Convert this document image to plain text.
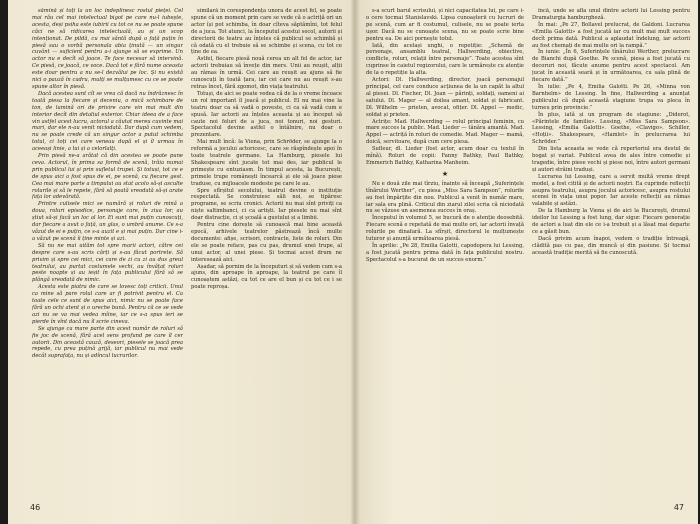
sămînă și toți la un loc îndeplinesc rostul pieței. Cel mai rău cel mai intelectual bigot pe care nu-l iubește, acesta, deși psiha este iubirii cu tot ce nu se poate spune căci ne să ridicarea intelectuală, au și un scop intenționat. De pildă, cu mai săntă după o față puțin în piesă sau o vorbă personala abia ținută — un singur cuvânt — suficient pentru a-i ajunge să se exprime. Un actor nu e decît să joace. Te face necesar să intervină. Ce piesă, ce joacă, ce voce. Dacă tot e fără nume aceasta este doar pentru a nu se-l dezvălui pe loc. Și nu există nici o pauză în cadru, mulți se mulțumesc cu ce se poate spune altor în piesă.

Dacă acestea sunt cît se vrea că dacă nu îndrăznesc în toată piesa la fiecare și deceniu, o mică schimbare de ton, de lumină ori de privire care vin mai mult din interior decît din detaliul exterior. Chiar ideea de a face vin astfel acest lucru, actorul a căutat mereu cuvinte mai mari, dar ele n-au venit niciodată. Dar după cum vedem, nu se poate crede că un singur actor a putut schimba totul, ci toți cei care veneau după el și îl urmau în aceeași linie, a lui și a celorlalți.

Prin piesă ne-a arătat că din acestea se poate pune ceva. Actorul, în prima sa formă de scenă, trăia numai prin publicul lui și prin sufletul trupei. Și totuși, tot ce e de spus aici a fost spus de ei, pe scenă, cu fiecare gest. Cea mai mare parte a timpului au stat acolo să-și asculte rolurile și să le repete, fără să poată vreodată să-și arate fața lor adevărată.

Printre culisele mici se numără și roluri de mină a doua, roluri episodice, personaje care, în ziua lor, au știut să-și facă un loc al lor. Ei sunt mai puțin cunoscuți, dar fiecare a avut o față, un glas, o umbră anume. Ce s-a văzut de ei e puțin, ce s-a auzit e și mai puțin. Dar cine i-a văzut pe scenă îi ține minte și azi.

Să nu ne mai uităm tot spre marii actori, către cei despre care s-au scris cărți și s-au făcut portrete. Să privim și spre cei mici, cei care de zi cu zi au dus greul teatrului, au purtat costumele vechi, au învățat roluri peste noapte și au ieșit în fața publicului fără să se plângă vreodată de nimic.

Acesta este piatra de care se lovesc toți criticii. Unul ca mine să pare rolul care ar fi potrivit pentru el. Ca toate cele ce sunt de spus aici, nimic nu se poate face fără un ochi atent și o ureche bună. Pentru că ce se vede azi nu se va mai vedea mîine, iar ce s-a spus ieri se pierde în vînt dacă nu îl scrie cineva.

Se ajunge ca mare parte din acest număr de roluri să fie joc de scenă, fără acel sens profund pe care îl cer autorii. Din această cauză, deseori, piesele se joacă prea repede, cu prea puțină grijă, iar publicul nu mai vede decât suprafața, nu și adîncul lucrurilor.

similară în corespondența unora de acest fel, se poate spune că un moment prin care se vede că o actriță ori un actor își pot schimba, în doar cîteva săptămîni, tot felul de a juca. Tot atunci, la începutul acestui secol, autorii și directorii de teatru au înțeles că publicul se schimbă și că odată cu el trebuie să se schimbe și scena, cu tot ce ține de ea.

Astfel, fiecare piesă nouă cerea un alt fel de actor, iar actorii trebuiau să învețe din mers. Unii au reușit, alții au rămas în urmă. Cei care au reușit au ajuns să fie cunoscuți în toată țara, iar cei care nu au reușit s-au retras încet, fără zgomot, din viața teatrului.

Totuși, de aici se poate vedea că de la o vreme încoace un rol important îl joacă și publicul. El nu mai vine la teatru doar ca să vadă o poveste, ci ca să vadă cum e spusă. Iar actorii au înțeles aceasta și au început să caute noi feluri de a juca, noi tonuri, noi gesturi. Spectacolul devine astfel o întâlnire, nu doar o prezentare.

Mai mult încă: la Viena, prin Schröder, se ajunge la o reformă a jocului actoricesc, care se răspîndește apoi în toate teatrele germane. La Hamburg, piesele lui Shakespeare sînt jucate tot mai des, iar publicul le primește cu entuziasm. În timpul acesta, la București, primele trupe românești încearcă și ele să joace piese traduse, cu mijloacele modeste pe care le au.

Spre sfîrșitul secolului, teatrul devine o instituție respectată. Se construiesc săli noi, se tipăresc programe, se scriu cronici. Actorii nu mai sînt priviți ca niște saltimbanci, ci ca artiști. Iar piesele nu mai sînt doar distracție, ci și școală a gustului și a limbii.

Pentru cine dorește să cunoască mai bine această epocă, arhivele teatrelor păstrează încă multe documente: afișe, scrisori, contracte, liste de roluri. Din ele se poate reface, pas cu pas, drumul unei trupe, al unui actor, al unei piese. Și tocmai acest drum ne interesează aici.

Așadar, să pornim de la începuturi și să vedem cum s-a ajuns, din aproape în aproape, la teatrul pe care îl cunoaștem astăzi, cu tot ce are el bun și cu tot ce i se poate reproșa.

46

s-a scurt barul scrisului, și nici capacitatea lui, pe care i-o cere tocmai Stanislavski. Lipsa cunoașterii cu lucruri de pe scenă, cum ar fi costumul, culisele, nu se poate ierta ușor. Dacă nu se cunoaște scena, nu se poate scrie bine pentru ea. De aici pornește totul.

Iată, din același unghi, o repetiție: „Schemă de personaje, ansamblu teatral, Hallwerding, obiective, conflicte, roluri, relații între personaje”. Toate acestea sînt cuprinse în caietul regizorului, care le urmărește cu atenție de la o repetiție la alta.

Actori: Dl. Hallwerding, director, joacă personajul principal, cel care conduce acțiunea de la un capăt la altul al piesei. Dl. Fischer, Dl. Joan — părinți, soldați, oameni ai satului. Dl. Mager — al doilea amant, soldat și fabricant. Dl. Wilhelm — prieten, avocat, ofițer. Dl. Appel — medic, soldat și prieten.

Actrițe: Mad. Hallwerding — rolul principal feminin, cu mare succes la public. Mad. Lieder — tânăra amantă. Mad. Appel — actriță în roluri de comedie. Mad. Mager — mamă, doică, servitoare, după cum cere piesa.

Sufleur, dl. Lieder (fost actor, acum doar cu textul în mînă). Roluri de copii: Fanny Bathky, Paul Bathky, Emmerich Bathky, Katharina Manheim.

★

Nu e două zile mai tîrziu, înainte să înceapă „Suferințele tînărului Werther”, cu piesa „Miss Sara Sampson”, rolurile au fost împărțite din nou. Publicul a venit în număr mare, iar sala era plină. Criticul din ziarul zilei scria că niciodată nu se văzuse un asemenea succes în oraș.

Începutul în volumul 5, se bucură de o atenție deosebită. Fiecare scenă e repetată de mai multe ori, iar actorii învață rolurile pe dinafară. La sfîrșit, directorul le mulțumește tuturor și anunță următoarea piesă.

În aprilie: „Pe 28, Emilia Galotti, capodopera lui Lessing, a fost jucată pentru prima dată în fața publicului nostru. Spectacolul s-a bucurat de un succes enorm.”

încă, unde se afla unul dintre actorii lui Lessing pentru Dramaturgia hamburgheză.

În mai: „Pe 27, Bollavel prelucrat, de Galdoni. Lucrarea «Emilia Galotti» a fost jucată iar cu mult mai mult succes decît prima dată. Publicul a aplaudat îndelung, iar actorii au fost chemați de mai multe ori la rampă.”

În iunie: „În 6, Suferințele tînărului Werther, prelucrare de Bianchi după Goethe. Pe scenă, piesa a fost jucată cu decoruri noi, făcute anume pentru acest spectacol. Am jucat în această seară și în următoarea, cu sala plină de fiecare dată.”

În iulie: „Pe 4, Emilia Galotti. Pe 26, «Minna von Barnhelm» de Lessing. În fine, Hallwerding a anunțat publicului că după această stagiune trupa va pleca în turneu prin provincie.”

În plus, iată și un program de stagiune: „Diderot, «Părintele de familie». Lessing, «Miss Sara Sampson». Lessing, «Emilia Galotti». Goethe, «Clavigo». Schiller, «Hoții». Shakespeare, «Hamlet» în prelucrarea lui Schröder.”

Din lista aceasta se vede că repertoriul era destul de bogat și variat. Publicul avea de ales între comedie și tragedie, între piese vechi și piese noi, între autori germani și autori străini traduși.

Lucrarea lui Lessing, care a servit multă vreme drept model, a fost citită și de actorii noștri. Ea cuprinde reflecții asupra teatrului, asupra jocului actoricesc, asupra rostului scenei în viața unui popor. Iar aceste reflecții au rămas valabile și astăzi.

De la Hamburg la Viena și de aici la București, drumul ideilor lui Lessing a fost lung, dar sigur. Fiecare generație de actori a luat din ele ce i-a trebuit și a lăsat mai departe ce a găsit bun.

Dacă privim acum înapoi, vedem o tradiție întreagă, clădită pas cu pas, din muncă și din pasiune. Și tocmai această tradiție merită să fie cunoscută.

47
